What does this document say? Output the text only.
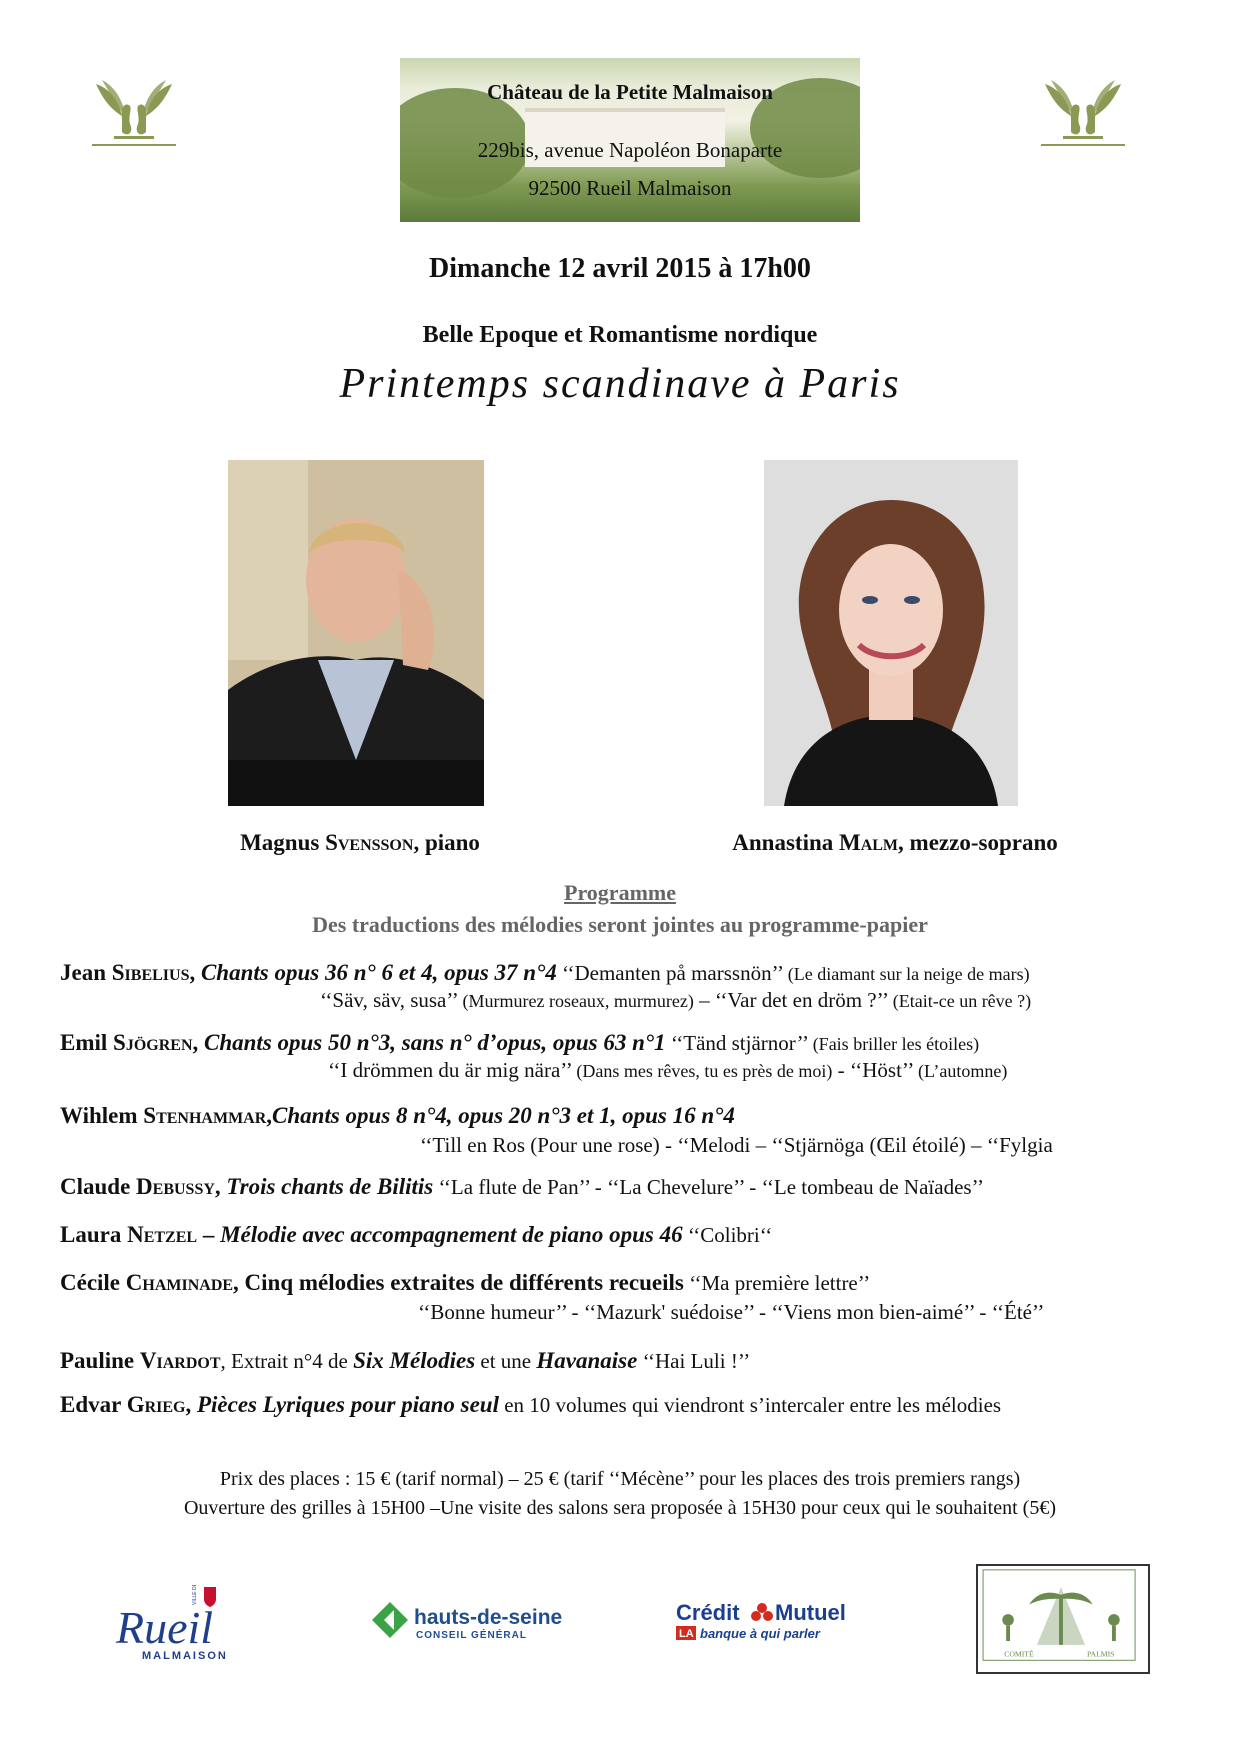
Château de la Petite Malmaison
229bis, avenue Napoléon Bonaparte
92500 Rueil Malmaison
Dimanche 12 avril 2015 à 17h00
Belle Epoque et Romantisme nordique
Printemps scandinave à Paris
Magnus Svensson, piano	Annastina Malm, mezzo-soprano
Programme
Des traductions des mélodies seront jointes au programme-papier
Jean Sibelius, Chants opus 36 n° 6 et 4, opus 37 n°4 ‘‘Demanten på marssnön’’ (Le diamant sur la neige de mars)
‘‘Säv, säv, susa’’ (Murmurez roseaux, murmurez) – ‘‘Var det en dröm ?’’ (Etait-ce un rêve ?)
Emil Sjögren, Chants opus 50 n°3, sans n° d’opus, opus 63 n°1 ‘‘Tänd stjärnor’’ (Fais briller les étoiles)
‘‘I drömmen du är mig nära’’ (Dans mes rêves, tu es près de moi) - ‘‘Höst’’ (L’automne)
Wihlem Stenhammar,Chants opus 8 n°4, opus 20 n°3 et 1, opus 16 n°4
‘‘Till en Ros (Pour une rose) - ‘‘Melodi – ‘‘Stjärnöga (Œil étoilé) – ‘‘Fylgia
Claude Debussy, Trois chants de Bilitis ‘‘La flute de Pan’’ - ‘‘La Chevelure’’ - ‘‘Le tombeau de Naïades’’
Laura Netzel – Mélodie avec accompagnement de piano opus 46 ‘‘Colibri‘‘
Cécile Chaminade, Cinq mélodies extraites de différents recueils ‘‘Ma première lettre’’
‘‘Bonne humeur’’ - ‘‘Mazurk' suédoise’’ - ‘‘Viens mon bien-aimé’’ - ‘‘Été’’
Pauline Viardot, Extrait n°4 de Six Mélodies et une Havanaise ‘‘Hai Luli !’’
Edvar Grieg, Pièces Lyriques pour piano seul en 10 volumes qui viendront s’intercaler entre les mélodies
Prix des places : 15 € (tarif normal) – 25 € (tarif ‘‘Mécène’’ pour les places des trois premiers rangs)
Ouverture des grilles à 15H00 –Une visite des salons sera proposée à 15H30 pour ceux qui le souhaitent (5€)
VILLE DE
Rueil
MALMAISON
hauts-de-seine
CONSEIL GÉNÉRAL
Crédit Mutuel
LA banque à qui parler
COMITÉ	PALMIS
